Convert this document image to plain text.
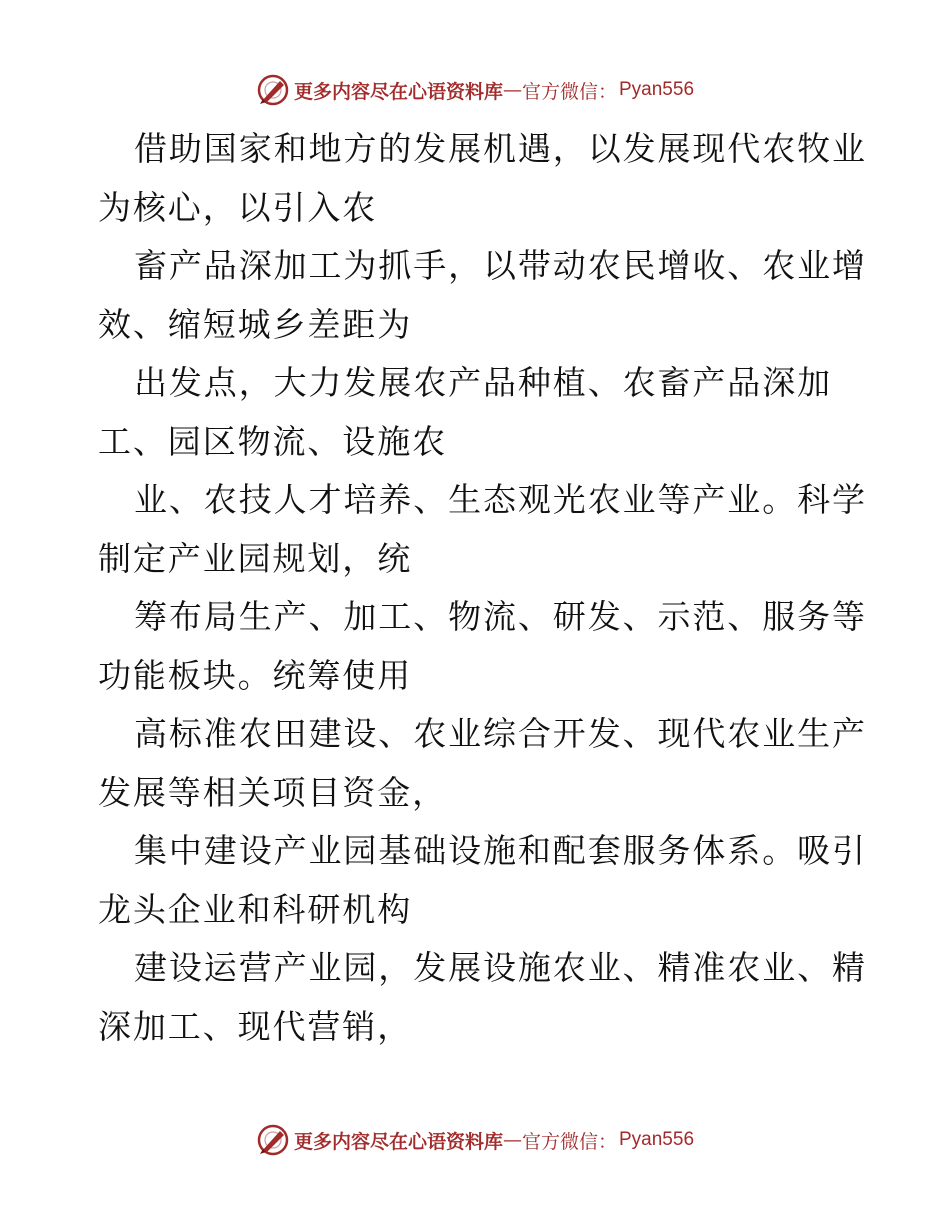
更多内容尽在心语资料库 — 官方微信： Pyan556

借助国家和地方的发展机遇，以发展现代农牧业
为核心，以引入农

畜产品深加工为抓手，以带动农民增收、农业增
效、缩短城乡差距为

出发点，大力发展农产品种植、农畜产品深加
工、园区物流、设施农

业、农技人才培养、生态观光农业等产业。科学
制定产业园规划，统

筹布局生产、加工、物流、研发、示范、服务等
功能板块。统筹使用

高标准农田建设、农业综合开发、现代农业生产
发展等相关项目资金，

集中建设产业园基础设施和配套服务体系。吸引
龙头企业和科研机构

建设运营产业园，发展设施农业、精准农业、精
深加工、现代营销，

更多内容尽在心语资料库 — 官方微信： Pyan556
